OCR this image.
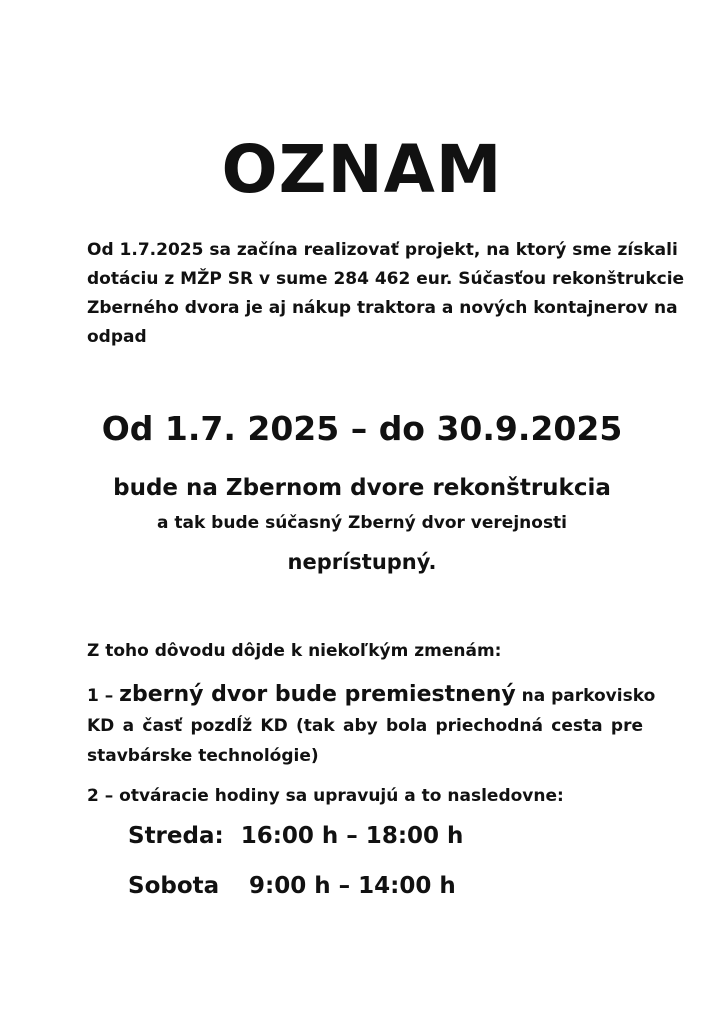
OZNAM
Od 1.7.2025 sa začína realizovať projekt, na ktorý sme získali
dotáciu z MŽP SR v sume 284 462 eur. Súčasťou rekonštrukcie
Zberného dvora je aj nákup traktora a nových kontajnerov na
odpad
Od 1.7. 2025 – do 30.9.2025
bude na Zbernom dvore rekonštrukcia
a tak bude súčasný Zberný dvor verejnosti
neprístupný.
Z toho dôvodu dôjde k niekoľkým zmenám:
1 – zberný dvor bude premiestnený na parkovisko
KD a časť pozdĺž KD (tak aby bola priechodná cesta pre
stavbárske technológie)
2 – otváracie hodiny sa upravujú a to nasledovne:
Streda: 16:00 h – 18:00 h
Sobota 9:00 h – 14:00 h
